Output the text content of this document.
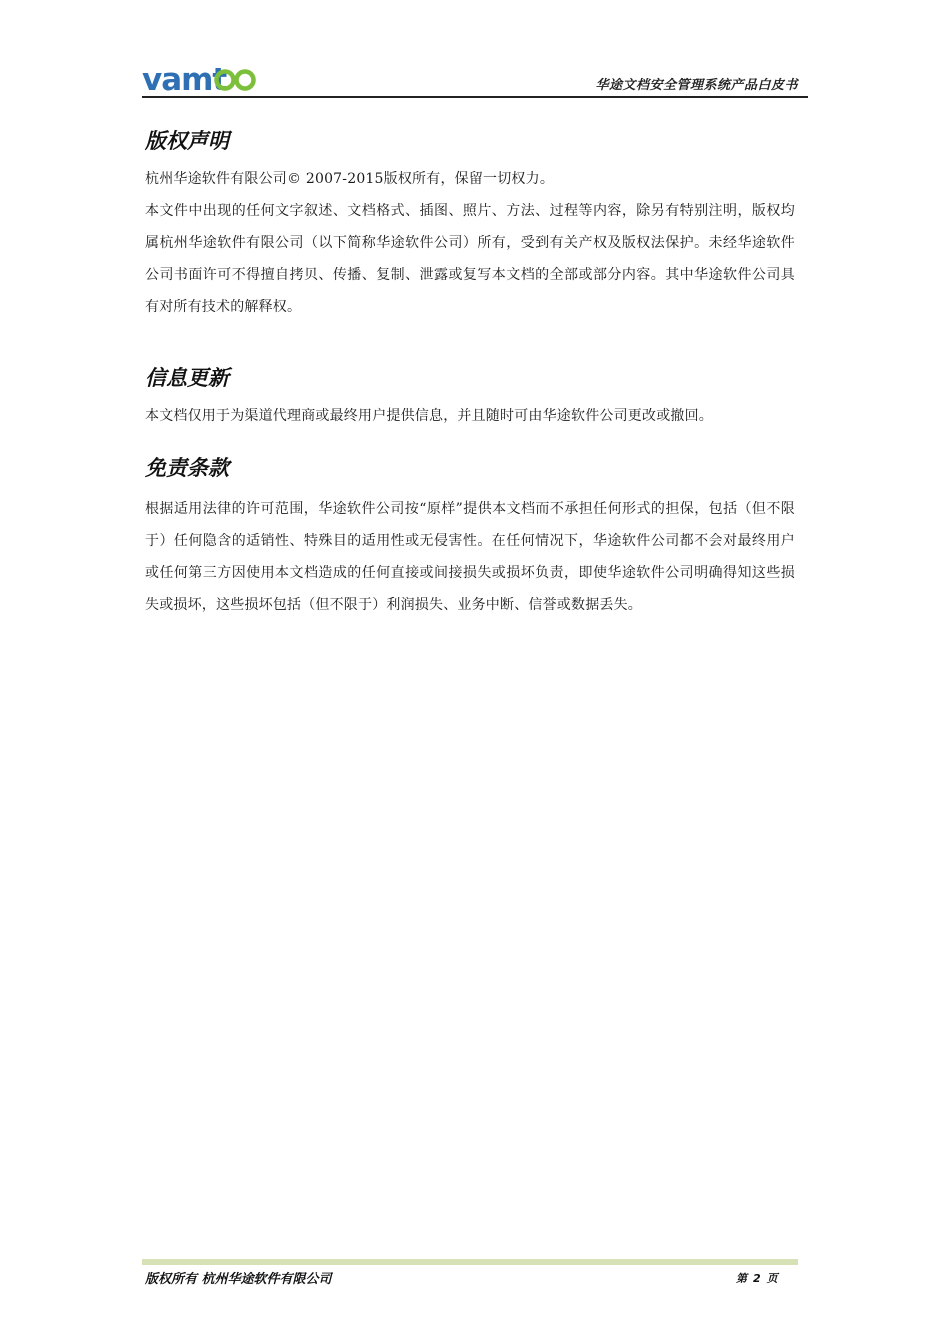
vamt	华途文档安全管理系统产品白皮书
版权声明

杭州华途软件有限公司© 2007-2015版权所有，保留一切权力。

本文件中出现的任何文字叙述、文档格式、插图、照片、方法、过程等内容，除另有特别注明，版权均属杭州华途软件有限公司（以下简称华途软件公司）所有，受到有关产权及版权法保护。未经华途软件公司书面许可不得擅自拷贝、传播、复制、泄露或复写本文档的全部或部分内容。其中华途软件公司具有对所有技术的解释权。

信息更新

本文档仅用于为渠道代理商或最终用户提供信息，并且随时可由华途软件公司更改或撤回。

免责条款

根据适用法律的许可范围，华途软件公司按“原样”提供本文档而不承担任何形式的担保，包括（但不限于）任何隐含的适销性、特殊目的适用性或无侵害性。在任何情况下，华途软件公司都不会对最终用户或任何第三方因使用本文档造成的任何直接或间接损失或损坏负责，即使华途软件公司明确得知这些损失或损坏，这些损坏包括（但不限于）利润损失、业务中断、信誉或数据丢失。

版权所有 杭州华途软件有限公司	第 2 页
